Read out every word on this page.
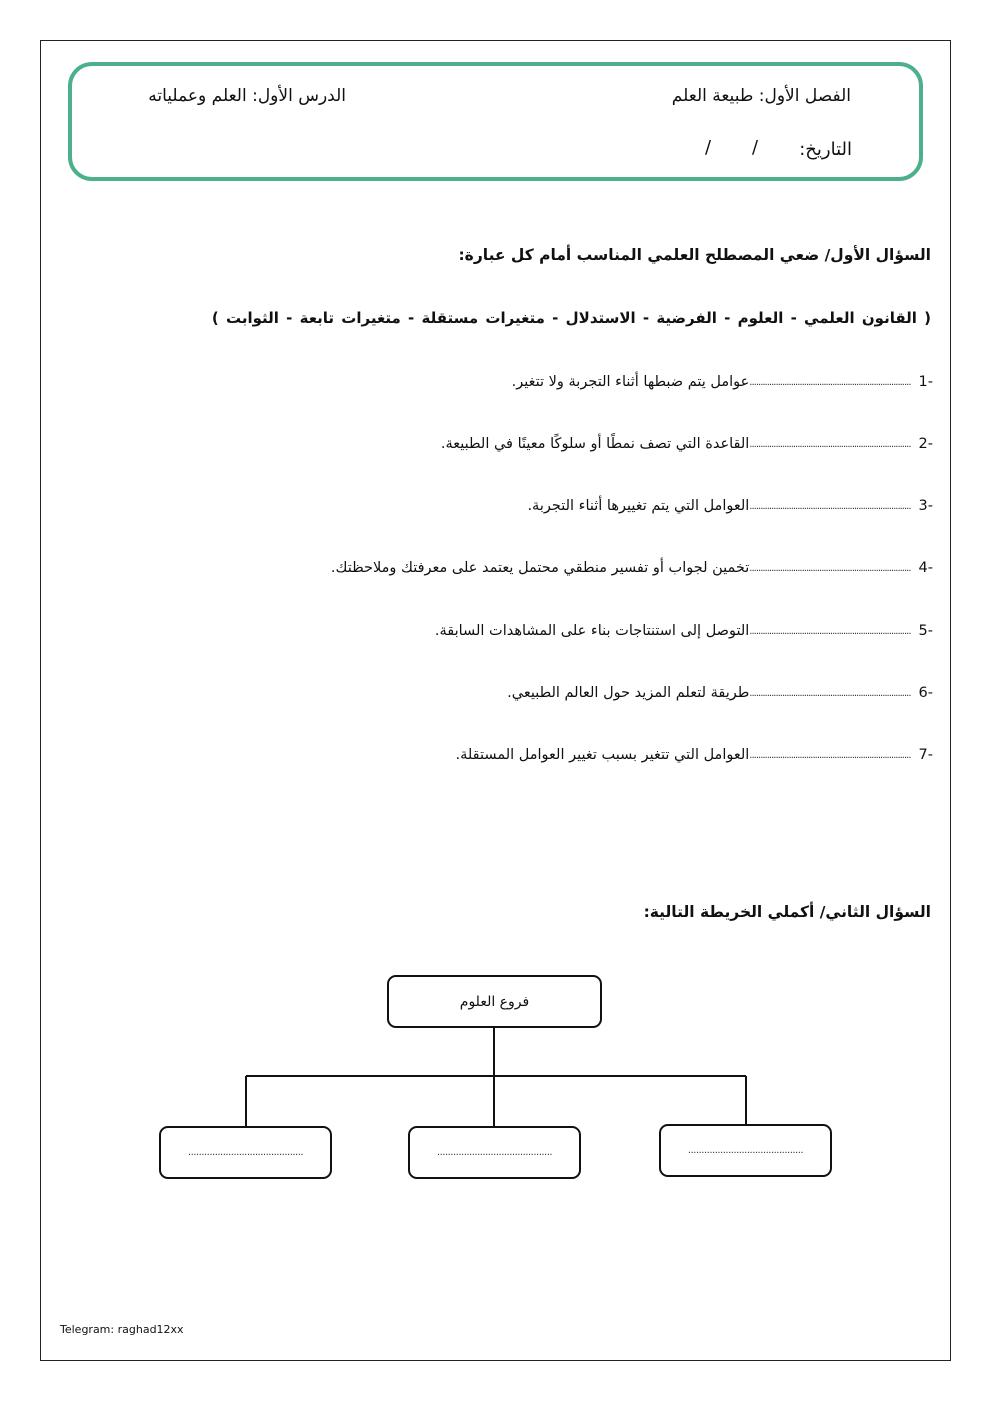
الفصل الأول: طبيعة العلم
الدرس الأول: العلم وعملياته
التاريخ:
/
/
السؤال الأول/ ضعي المصطلح العلمي المناسب أمام كل عبارة:
( القانون العلمي - العلوم - الفرضية - الاستدلال - متغيرات مستقلة - متغيرات تابعة - الثوابت )
1-
..........................................................................
عوامل يتم ضبطها أثناء التجربة ولا تتغير.
2-
..........................................................................
القاعدة التي تصف نمطًا أو سلوكًا معينًا في الطبيعة.
3-
..........................................................................
العوامل التي يتم تغييرها أثناء التجربة.
4-
..........................................................................
تخمين لجواب أو تفسير منطقي محتمل يعتمد على معرفتك وملاحظتك.
5-
..........................................................................
التوصل إلى استنتاجات بناء على المشاهدات السابقة.
6-
..........................................................................
طريقة لتعلم المزيد حول العالم الطبيعي.
7-
..........................................................................
العوامل التي تتغير بسبب تغيير العوامل المستقلة.
السؤال الثاني/ أكملي الخريطة التالية:
فروع العلوم
...........................................	...........................................	...........................................
Telegram: raghad12xx
